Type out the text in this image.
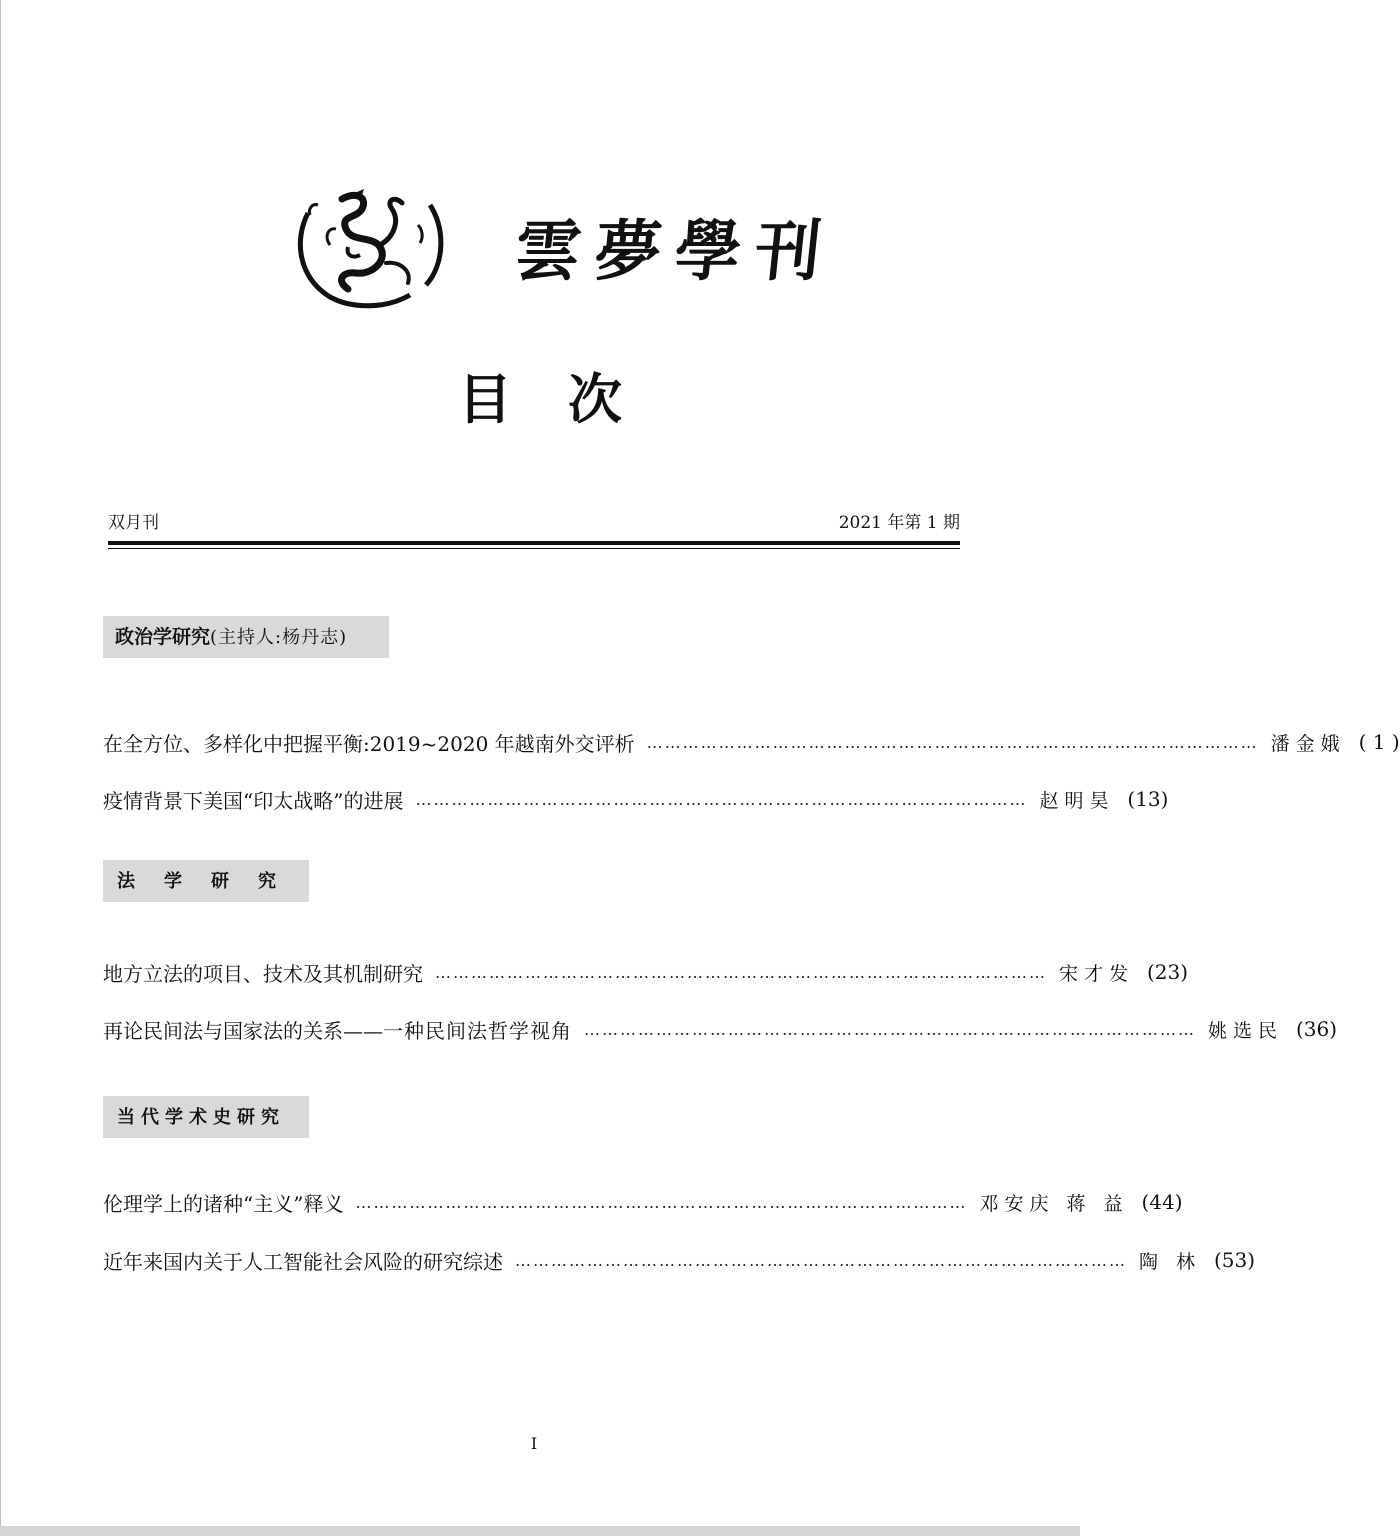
雲夢學刊
目次
双月刊	2021 年第 1 期
政治学研究(主持人:杨丹志)
在全方位、多样化中把握平衡:2019~2020 年越南外交评析 ………………………………………………………………………………………… 潘金娥 ( 1 )
疫情背景下美国“印太战略”的进展 ………………………………………………………………………………………… 赵明昊 (13)
法学研究
地方立法的项目、技术及其机制研究 ………………………………………………………………………………………… 宋才发 (23)
再论民间法与国家法的关系—— 一种民间法哲学视角 ………………………………………………………………………………………… 姚选民 (36)
当代学术史研究
伦理学上的诸种“主义”释义 ………………………………………………………………………………………… 邓安庆 蒋 益 (44)
近年来国内关于人工智能社会风险的研究综述 ………………………………………………………………………………………… 陶 林 (53)
I
